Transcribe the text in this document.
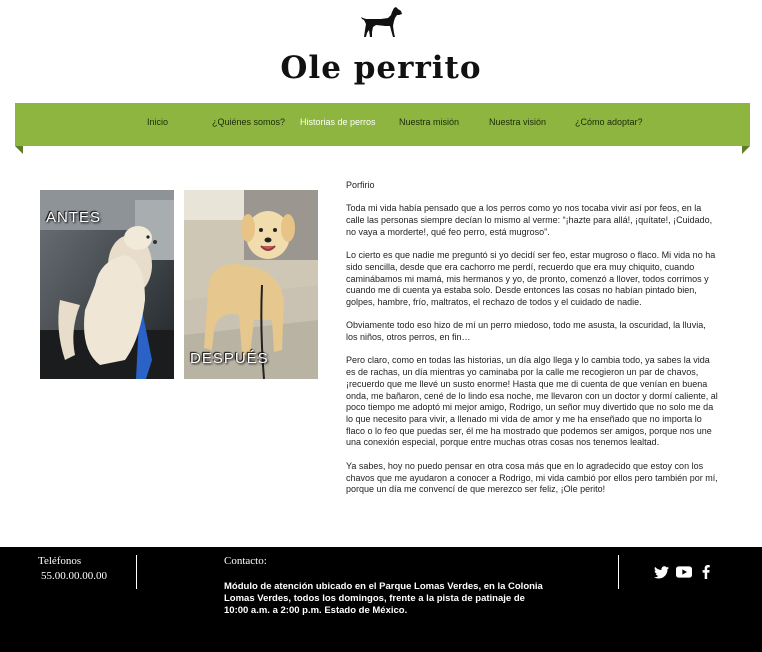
Ole perrito
Inicio	¿Quiénes somos? Historias de perros	Nuestra misión	Nuestra visión	¿Cómo adoptar?
ANTES
DESPUÉS

Porfirio

Toda mi vida había pensado que a los perros como yo nos tocaba vivir así por feos, en la calle las personas siempre decían lo mismo al verme: “¡hazte para allá!, ¡quítate!, ¡Cuidado, no vaya a morderte!, qué feo perro, está mugroso”.

Lo cierto es que nadie me preguntó si yo decidí ser feo, estar mugroso o flaco. Mi vida no ha sido sencilla, desde que era cachorro me perdí, recuerdo que era muy chiquito, cuando caminábamos mi mamá, mis hermanos y yo, de pronto, comenzó a llover, todos corrimos y cuando me di cuenta ya estaba solo. Desde entonces las cosas no habían pintado bien, golpes, hambre, frío, maltratos, el rechazo de todos y el cuidado de nadie.

Obviamente todo eso hizo de mí un perro miedoso, todo me asusta, la oscuridad, la lluvia, los niños, otros perros, en fin…

Pero claro, como en todas las historias, un día algo llega y lo cambia todo, ya sabes la vida es de rachas, un día mientras yo caminaba por la calle me recogieron un par de chavos, ¡recuerdo que me llevé un susto enorme! Hasta que me di cuenta de que venían en buena onda, me bañaron, cené de lo lindo esa noche, me llevaron con un doctor y dormí caliente, al poco tiempo me adoptó mi mejor amigo, Rodrigo, un señor muy divertido que no solo me da lo que necesito para vivir, a llenado mi vida de amor y me ha enseñado que no importa lo flaco o lo feo que puedas ser, él me ha mostrado que podemos ser amigos, porque nos une una conexión especial, porque entre muchas otras cosas nos tenemos lealtad.

Ya sabes, hoy no puedo pensar en otra cosa más que en lo agradecido que estoy con los chavos que me ayudaron a conocer a Rodrigo, mi vida cambió por ellos pero también por mí, porque un día me convencí de que merezco ser feliz, ¡Ole perito!

Teléfonos
55.00.00.00.00
Contacto:
Módulo de atención ubicado en el Parque Lomas Verdes, en la Colonia Lomas Verdes, todos los domingos, frente a la pista de patinaje de 10:00 a.m. a 2:00 p.m. Estado de México.
